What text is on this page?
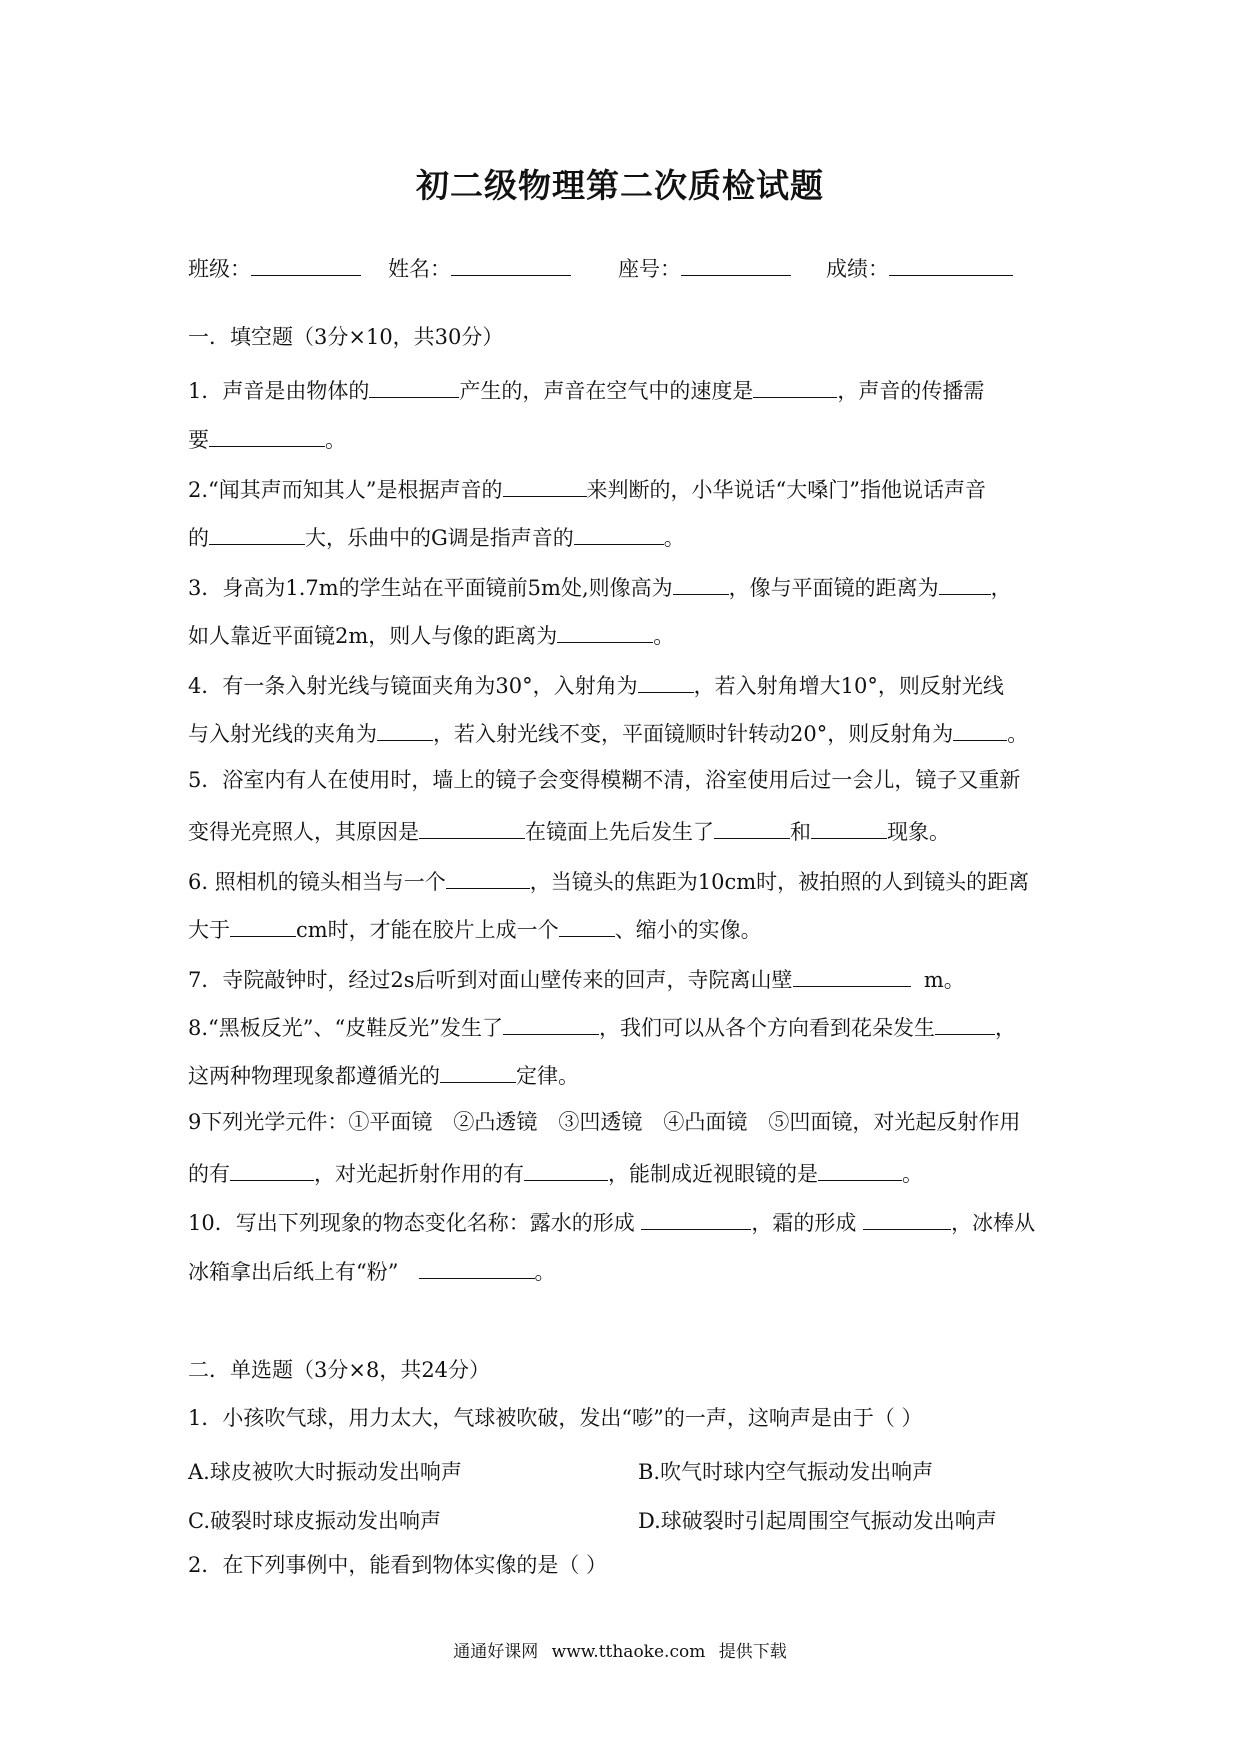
初二级物理第二次质检试题
班级：	姓名：	座号：	成绩：
一．填空题（3分×10，共30分）
1．声音是由物体的	产生的，声音在空气中的速度是	，声音的传播需
要	。
2.“闻其声而知其人”是根据声音的	来判断的，小华说话“大嗓门”指他说话声音
的	大，乐曲中的G调是指声音的	。
3．身高为1.7m的学生站在平面镜前5m处,则像高为	，像与平面镜的距离为 ，
如人靠近平面镜2m，则人与像的距离为	。
4．有一条入射光线与镜面夹角为30°，入射角为	，若入射角增大10°，则反射光线
与入射光线的夹角为	，若入射光线不变，平面镜顺时针转动20°，则反射角为	。
5．浴室内有人在使用时，墙上的镜子会变得模糊不清，浴室使用后过一会儿，镜子又重新
变得光亮照人，其原因是	在镜面上先后发生了	和	现象。
6. 照相机的镜头相当与一个	，当镜头的焦距为10cm时，被拍照的人到镜头的距离
大于	cm时，才能在胶片上成一个	、缩小的实像。
7．寺院敲钟时，经过2s后听到对面山壁传来的回声，寺院离山壁	m。
8.“黑板反光”、“皮鞋反光”发生了	，我们可以从各个方向看到花朵发生	，
这两种物理现象都遵循光的	定律。
9下列光学元件：①平面镜　②凸透镜　③凹透镜　④凸面镜　⑤凹面镜，对光起反射作用
的有	，对光起折射作用的有	，能制成近视眼镜的是	。
10．写出下列现象的物态变化名称：露水的形成	，霜的形成	，冰棒从
冰箱拿出后纸上有“粉”	。
二．单选题（3分×8，共24分）
1．小孩吹气球，用力太大，气球被吹破，发出“嘭”的一声，这响声是由于（ ）
A.球皮被吹大时振动发出响声	B.吹气时球内空气振动发出响声
C.破裂时球皮振动发出响声	D.球破裂时引起周围空气振动发出响声
2．在下列事例中，能看到物体实像的是（ ）
通通好课网 www.tthaoke.com 提供下载
